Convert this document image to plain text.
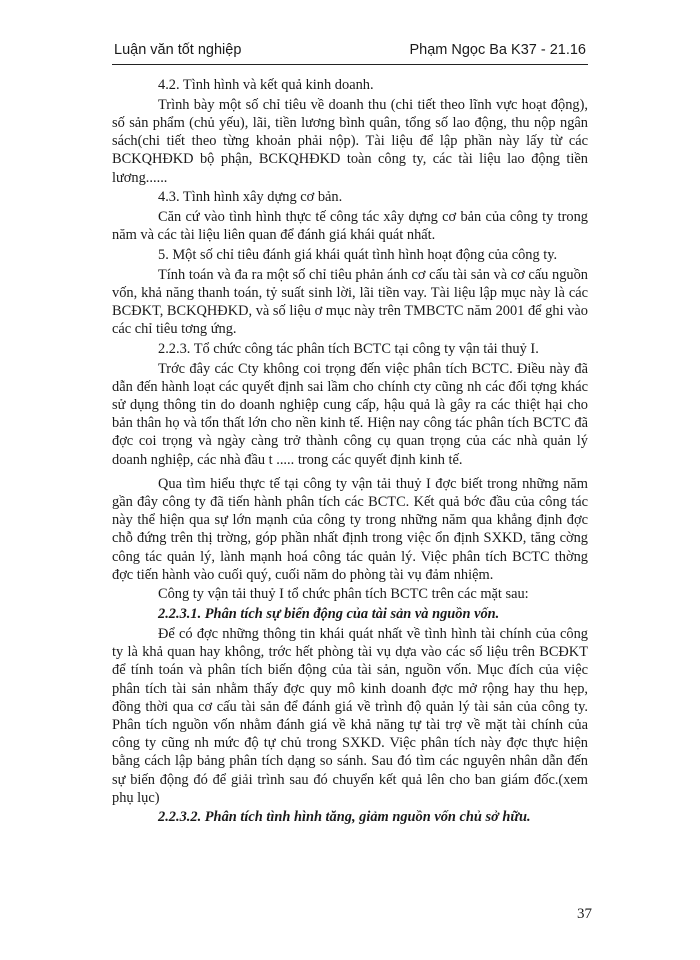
Luận văn tốt nghiệp	Phạm Ngọc Ba K37 - 21.16

4.2. Tình hình và kết quả kinh doanh.

Trình bày một số chỉ tiêu về doanh thu (chi tiết theo lĩnh vực hoạt động), số sản phẩm (chủ yếu), lãi, tiền lương bình quân, tổng số lao động, thu nộp ngân sách(chi tiết theo từng khoản phải nộp). Tài liệu để lập phần này lấy từ các BCKQHĐKD bộ phận, BCKQHĐKD toàn công ty, các tài liệu lao động tiền lương......

4.3. Tình hình xây dựng cơ bản.

Căn cứ vào tình hình thực tế công tác xây dựng cơ bản của công ty trong năm và các tài liệu liên quan để đánh giá khái quát nhất.

5. Một số chỉ tiêu đánh giá khái quát tình hình hoạt động của công ty.

Tính toán và đa ra một số chỉ tiêu phản ánh cơ cấu tài sản và cơ cấu nguồn vốn, khả năng thanh toán, tỷ suất sinh lời, lãi tiền vay. Tài liệu lập mục này là các BCĐKT, BCKQHĐKD, và số liệu ơ mục này trên TMBCTC năm 2001 để ghi vào các chỉ tiêu tơng ứng.

2.2.3. Tổ chức công tác phân tích BCTC tại công ty vận tải thuỷ I.

Trớc đây các Cty không coi trọng đến việc phân tích BCTC. Điều này đã dẫn đến hành loạt các quyết định sai lầm cho chính cty cũng nh các đối tợng khác sử dụng thông tin do doanh nghiệp cung cấp, hậu quả là gây ra các thiệt hại cho bản thân họ và tổn thất lớn cho nền kinh tế. Hiện nay công tác phân tích BCTC đã đợc coi trọng và ngày càng trở thành công cụ quan trọng của các nhà quản lý doanh nghiệp, các nhà đầu t ..... trong các quyết định kinh tế.

Qua tìm hiểu thực tế tại công ty vận tải thuỷ I đợc biết trong những năm gần đây công ty đã tiến hành phân tích các BCTC. Kết quả bớc đầu của công tác này thể hiện qua sự lớn mạnh của công ty trong những năm qua khẳng định đợc chỗ đứng trên thị trờng, góp phần nhất định trong việc ổn định SXKD, tăng cờng công tác quản lý, lành mạnh hoá công tác quản lý. Việc phân tích BCTC thờng đợc tiến hành vào cuối quý, cuối năm do phòng tài vụ đảm nhiệm.

Công ty vận tải thuỷ I tổ chức phân tích BCTC trên các mặt sau:

2.2.3.1. Phân tích sự biến động của tài sản và nguồn vốn.

Để có đợc những thông tin khái quát nhất về tình hình tài chính của công ty là khả quan hay không, trớc hết phòng tài vụ dựa vào các số liệu trên BCĐKT để tính toán và phân tích biến động của tài sản, nguồn vốn. Mục đích của việc phân tích tài sản nhằm thấy đợc quy mô kinh doanh đợc mở rộng hay thu hẹp, đồng thời qua cơ cấu tài sản để đánh giá về trình độ quản lý tài sản của công ty. Phân tích nguồn vốn nhằm đánh giá về khả năng tự tài trợ về mặt tài chính của công ty cũng nh mức độ tự chủ trong SXKD. Việc phân tích này đợc thực hiện bằng cách lập bảng phân tích dạng so sánh. Sau đó tìm các nguyên nhân dẫn đến sự biến động đó để giải trình sau đó chuyển kết quả lên cho ban giám đốc.(xem phụ lục)

2.2.3.2. Phân tích tình hình tăng, giảm nguồn vốn chủ sở hữu.

37
